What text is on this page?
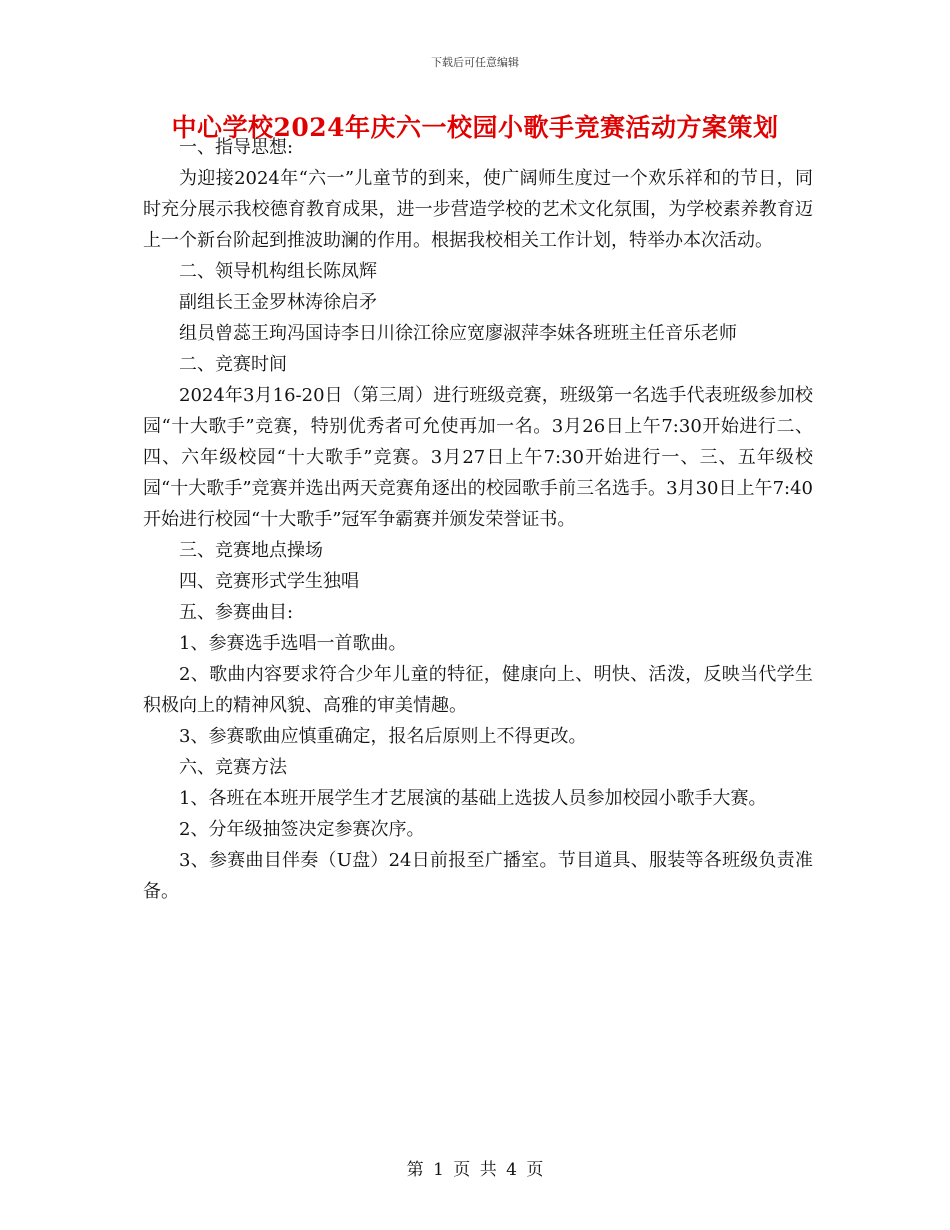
下载后可任意编辑
中心学校2024年庆六一校园小歌手竞赛活动方案策划

一、指导思想:

为迎接2024年“六一”儿童节的到来，使广阔师生度过一个欢乐祥和的节日，同时充分展示我校德育教育成果，进一步营造学校的艺术文化氛围，为学校素养教育迈上一个新台阶起到推波助澜的作用。根据我校相关工作计划，特举办本次活动。

二、领导机构组长陈凤辉

副组长王金罗林涛徐启矛

组员曾蕊王珣冯国诗李日川徐江徐应宽廖淑萍李妹各班班主任音乐老师

二、竞赛时间

2024年3月16-20日（第三周）进行班级竞赛，班级第一名选手代表班级参加校园“十大歌手”竞赛，特别优秀者可允使再加一名。3月26日上午7:30开始进行二、四、六年级校园“十大歌手”竞赛。3月27日上午7:30开始进行一、三、五年级校园“十大歌手”竞赛并选出两天竞赛角逐出的校园歌手前三名选手。3月30日上午7:40开始进行校园“十大歌手”冠军争霸赛并颁发荣誉证书。

三、竞赛地点操场

四、竞赛形式学生独唱

五、参赛曲目:

1、参赛选手选唱一首歌曲。

2、歌曲内容要求符合少年儿童的特征，健康向上、明快、活泼，反映当代学生积极向上的精神风貌、高雅的审美情趣。

3、参赛歌曲应慎重确定，报名后原则上不得更改。

六、竞赛方法

1、各班在本班开展学生才艺展演的基础上选拔人员参加校园小歌手大赛。

2、分年级抽签决定参赛次序。

3、参赛曲目伴奏（U盘）24日前报至广播室。节目道具、服装等各班级负责准备。

第 1 页 共 4 页
